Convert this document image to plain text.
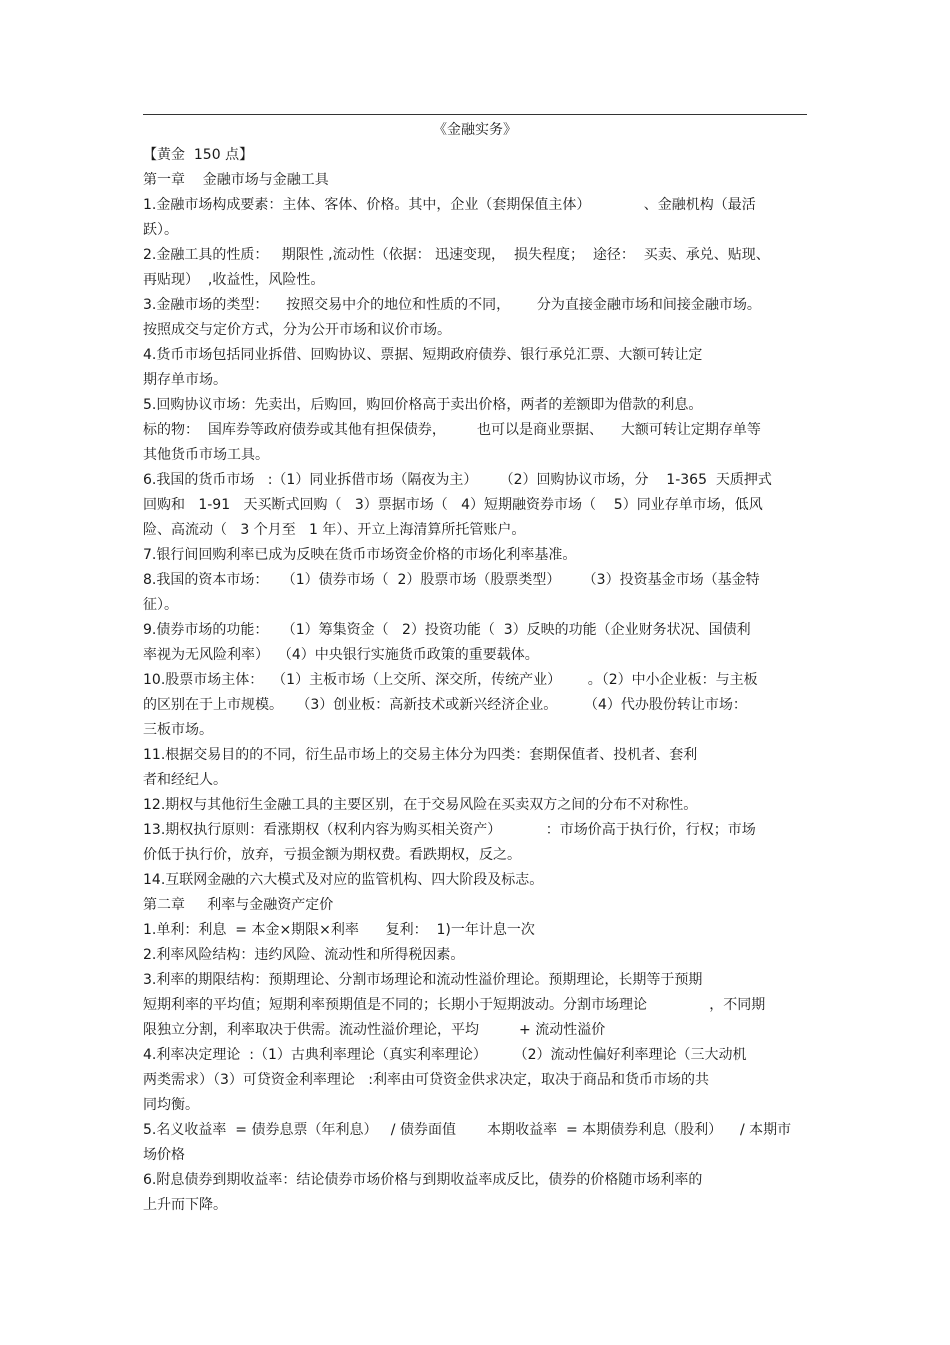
《金融实务》
【黄金  150 点】
第一章    金融市场与金融工具
1.金融市场构成要素：主体、客体、价格。其中，企业（套期保值主体）            、金融机构（最活
跃）。
2.金融工具的性质：   期限性 ,流动性（依据： 迅速变现，  损失程度；  途径：  买卖、承兑、贴现、
再贴现）  ,收益性，风险性。
3.金融市场的类型：    按照交易中介的地位和性质的不同，      分为直接金融市场和间接金融市场。
按照成交与定价方式，分为公开市场和议价市场。
4.货币市场包括同业拆借、回购协议、票据、短期政府债券、银行承兑汇票、大额可转让定
期存单市场。
5.回购协议市场：先卖出，后购回，购回价格高于卖出价格，两者的差额即为借款的利息。
标的物：  国库券等政府债券或其他有担保债券，       也可以是商业票据、    大额可转让定期存单等
其他货币市场工具。
6.我国的货币市场   :（1）同业拆借市场（隔夜为主）     （2）回购协议市场，分    1-365  天质押式
回购和   1-91   天买断式回购（   3）票据市场（   4）短期融资券市场（    5）同业存单市场，低风
险、高流动（   3 个月至   1 年）、开立上海清算所托管账户。
7.银行间回购利率已成为反映在货币市场资金价格的市场化利率基准。
8.我国的资本市场：   （1）债券市场（  2）股票市场（股票类型）     （3）投资基金市场（基金特
征）。
9.债券市场的功能：   （1）筹集资金（   2）投资功能（  3）反映的功能（企业财务状况、国债利
率视为无风险利率）  （4）中央银行实施货币政策的重要载体。
10.股票市场主体：  （1）主板市场（上交所、深交所，传统产业）      。（2）中小企业板：与主板
的区别在于上市规模。   （3）创业板：高新技术或新兴经济企业。      （4）代办股份转让市场：
三板市场。
11.根据交易目的的不同，衍生品市场上的交易主体分为四类：套期保值者、投机者、套利
者和经纪人。
12.期权与其他衍生金融工具的主要区别，在于交易风险在买卖双方之间的分布不对称性。
13.期权执行原则：看涨期权（权利内容为购买相关资产）          ：市场价高于执行价，行权；市场
价低于执行价，放弃，亏损金额为期权费。看跌期权，反之。
14.互联网金融的六大模式及对应的监管机构、四大阶段及标志。
第二章     利率与金融资产定价
1.单利：利息  = 本金×期限×利率      复利：  1)一年计息一次
2.利率风险结构：违约风险、流动性和所得税因素。
3.利率的期限结构：预期理论、分割市场理论和流动性溢价理论。预期理论，长期等于预期
短期利率的平均值；短期利率预期值是不同的；长期小于短期波动。分割市场理论              ，不同期
限独立分割，利率取决于供需。流动性溢价理论，平均         + 流动性溢价
4.利率决定理论  :（1）古典利率理论（真实利率理论）      （2）流动性偏好利率理论（三大动机
两类需求）（3）可贷资金利率理论   :利率由可贷资金供求决定，取决于商品和货币市场的共
同均衡。
5.名义收益率  = 债券息票（年利息）   / 债券面值       本期收益率  = 本期债券利息（股利）    / 本期市
场价格
6.附息债券到期收益率：结论债券市场价格与到期收益率成反比，债券的价格随市场利率的
上升而下降。
